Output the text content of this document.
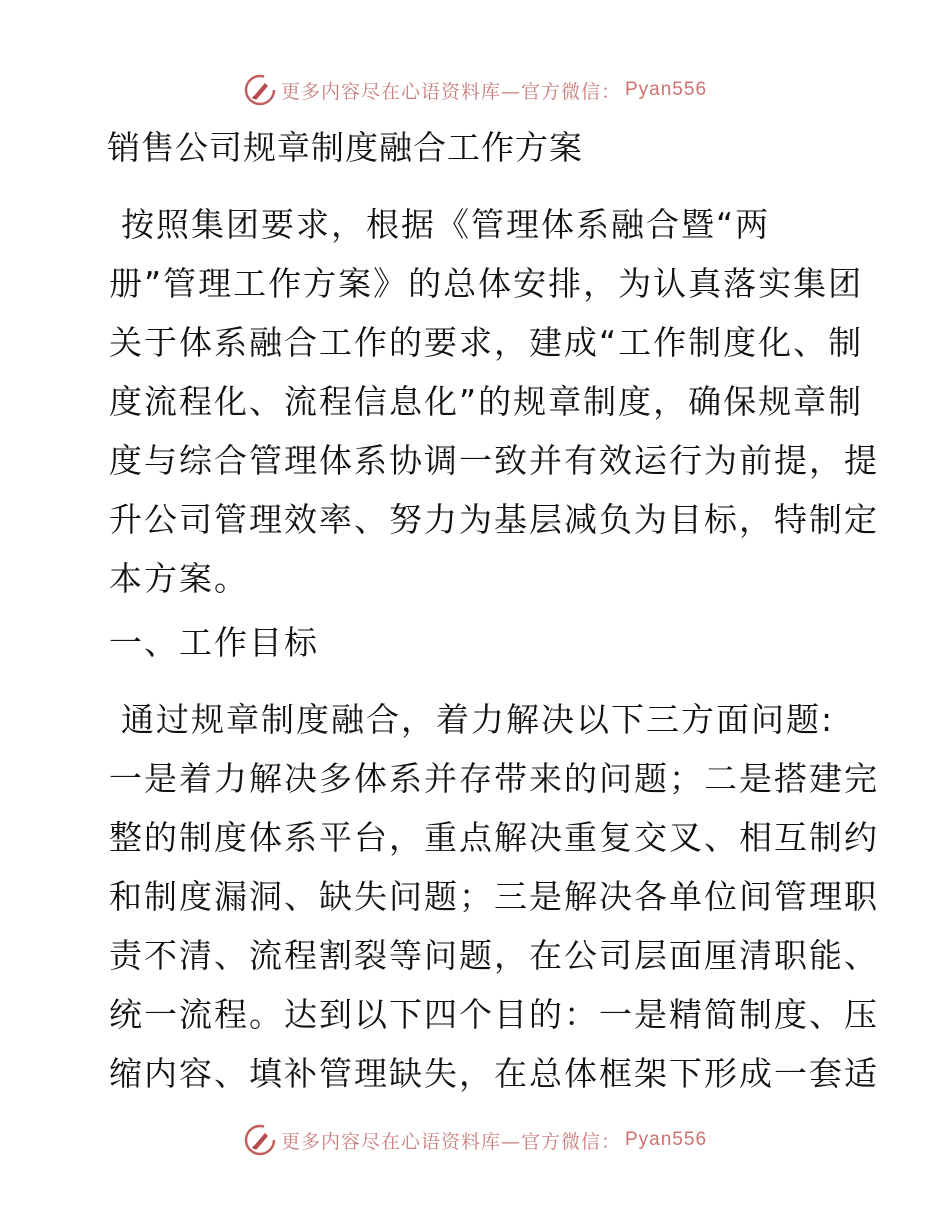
更多内容尽在心语资料库—官方微信： Pyan556
销售公司规章制度融合工作方案
按照集团要求，根据《管理体系融合暨“两
册”管理工作方案》的总体安排，为认真落实集团
关于体系融合工作的要求，建成“工作制度化、制
度流程化、流程信息化”的规章制度，确保规章制
度与综合管理体系协调一致并有效运行为前提，提
升公司管理效率、努力为基层减负为目标，特制定
本方案。
一、工作目标
通过规章制度融合，着力解决以下三方面问题:
一是着力解决多体系并存带来的问题；二是搭建完
整的制度体系平台，重点解决重复交叉、相互制约
和制度漏洞、缺失问题；三是解决各单位间管理职
责不清、流程割裂等问题，在公司层面厘清职能、
统一流程。达到以下四个目的：一是精简制度、压
缩内容、填补管理缺失，在总体框架下形成一套适
更多内容尽在心语资料库—官方微信： Pyan556
